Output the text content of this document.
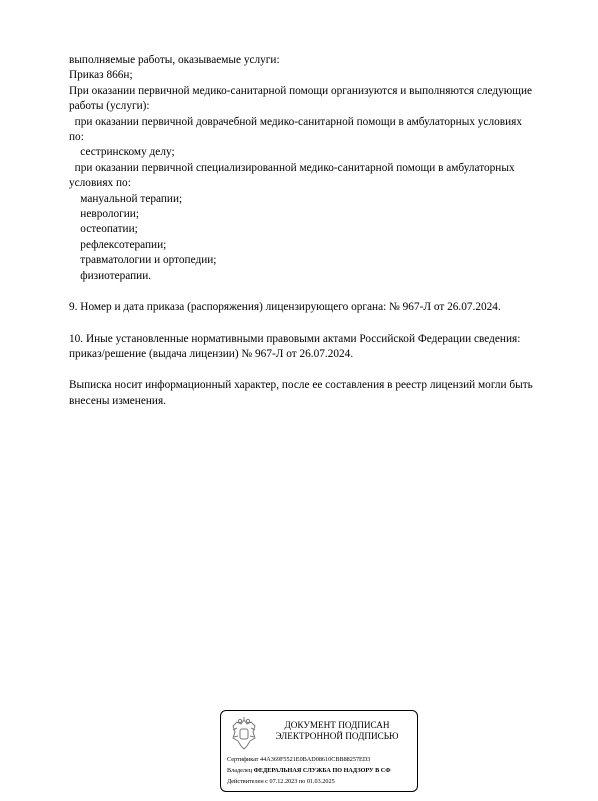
выполняемые работы, оказываемые услуги:
Приказ 866н;
При оказании первичной медико-санитарной помощи организуются и выполняются следующие
работы (услуги):
при оказании первичной доврачебной медико-санитарной помощи в амбулаторных условиях
по:
сестринскому делу;
при оказании первичной специализированной медико-санитарной помощи в амбулаторных
условиях по:
мануальной терапии;
неврологии;
остеопатии;
рефлексотерапии;
травматологии и ортопедии;
физиотерапии.

9. Номер и дата приказа (распоряжения) лицензирующего органа: № 967-Л от 26.07.2024.

10. Иные установленные нормативными правовыми актами Российской Федерации сведения:

приказ/решение (выдача лицензии) № 967-Л от 26.07.2024.

Выписка носит информационный характер, после ее составления в реестр лицензий могли быть

внесены изменения.

ДОКУМЕНТ ПОДПИСАН
ЭЛЕКТРОННОЙ ПОДПИСЬЮ
Сертификат 44A369F5521E0BAD08610CBB88257ED3
Владелец ФЕДЕРАЛЬНАЯ СЛУЖБА ПО НАДЗОРУ В СФ
Действителен с 07.12.2023 по 01.03.2025
